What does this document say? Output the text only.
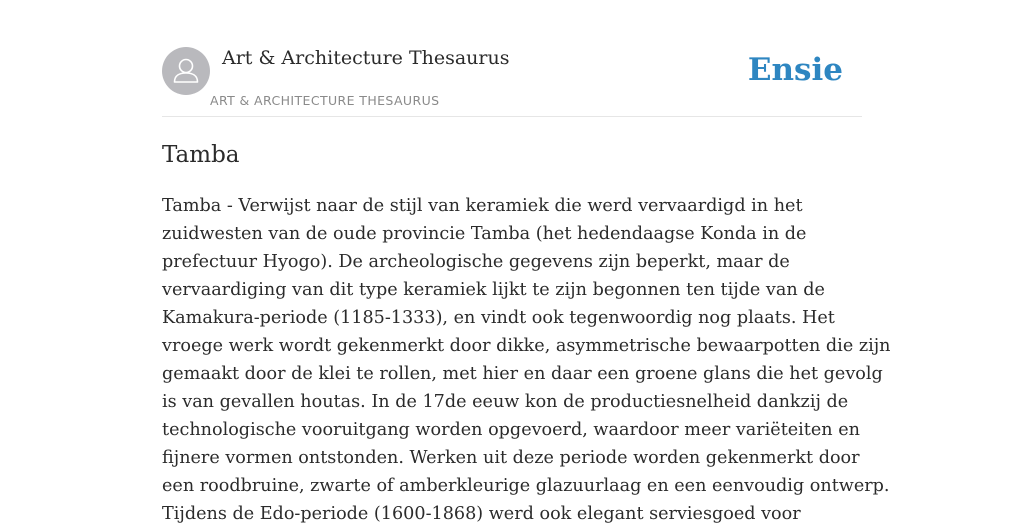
Art & Architecture Thesaurus
ART & ARCHITECTURE THESAURUS
Ensie
Tamba

Tamba - Verwijst naar de stijl van keramiek die werd vervaardigd in het
zuidwesten van de oude provincie Tamba (het hedendaagse Konda in de
prefectuur Hyogo). De archeologische gegevens zijn beperkt, maar de
vervaardiging van dit type keramiek lijkt te zijn begonnen ten tijde van de
Kamakura-periode (1185-1333), en vindt ook tegenwoordig nog plaats. Het
vroege werk wordt gekenmerkt door dikke, asymmetrische bewaarpotten die zijn
gemaakt door de klei te rollen, met hier en daar een groene glans die het gevolg
is van gevallen houtas. In de 17de eeuw kon de productiesnelheid dankzij de
technologische vooruitgang worden opgevoerd, waardoor meer variëteiten en
fijnere vormen ontstonden. Werken uit deze periode worden gekenmerkt door
een roodbruine, zwarte of amberkleurige glazuurlaag en een eenvoudig ontwerp.
Tijdens de Edo-periode (1600-1868) werd ook elegant serviesgoed voor
